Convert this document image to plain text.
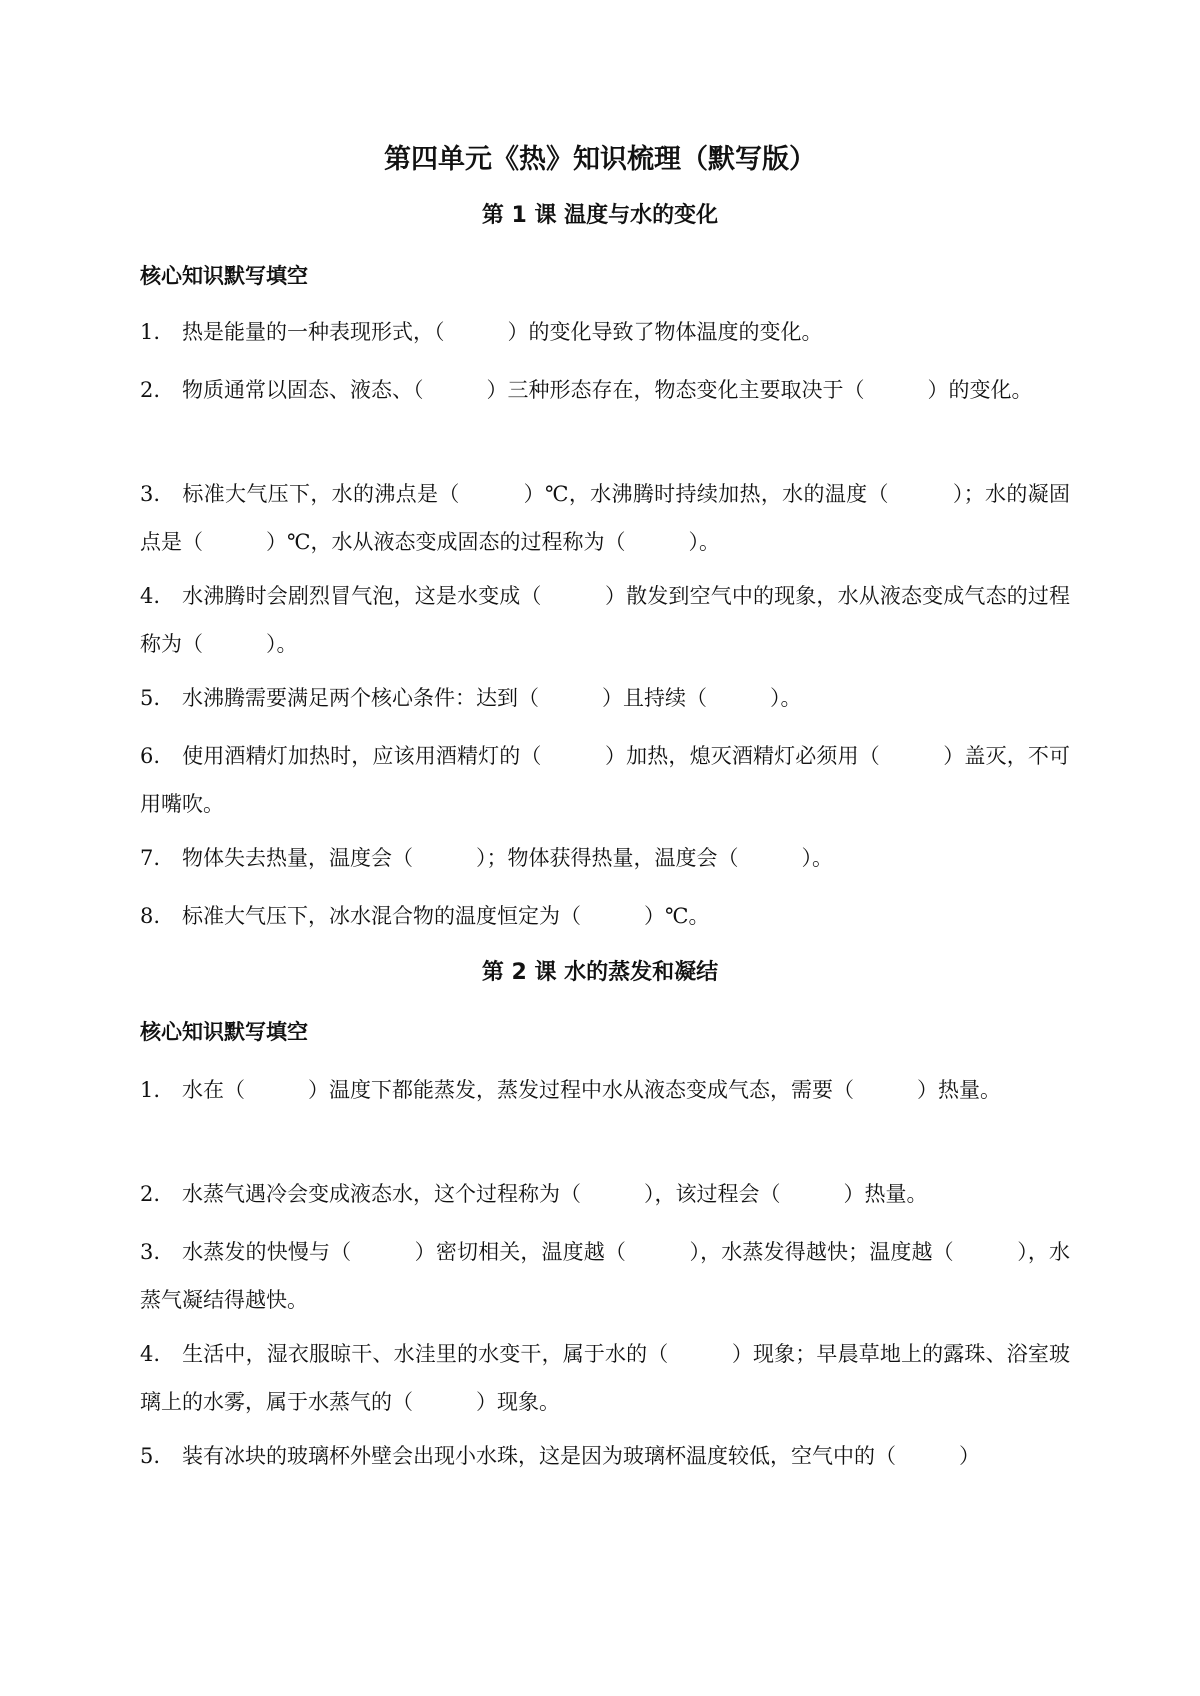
第四单元《热》知识梳理（默写版）
第 1 课 温度与水的变化
核心知识默写填空
1. 热是能量的一种表现形式，（　　　）的变化导致了物体温度的变化。
2. 物质通常以固态、液态、（　　　）三种形态存在，物态变化主要取决于（　　　）的变化。
3. 标准大气压下，水的沸点是（　　　）℃，水沸腾时持续加热，水的温度（　　　）；水的凝固点是（　　　）℃，水从液态变成固态的过程称为（　　　）。
4. 水沸腾时会剧烈冒气泡，这是水变成（　　　）散发到空气中的现象，水从液态变成气态的过程称为（　　　）。
5. 水沸腾需要满足两个核心条件：达到（　　　）且持续（　　　）。
6. 使用酒精灯加热时，应该用酒精灯的（　　　）加热，熄灭酒精灯必须用（　　　）盖灭，不可用嘴吹。
7. 物体失去热量，温度会（　　　）；物体获得热量，温度会（　　　）。
8. 标准大气压下，冰水混合物的温度恒定为（　　　）℃。
第 2 课 水的蒸发和凝结
核心知识默写填空
1. 水在（　　　）温度下都能蒸发，蒸发过程中水从液态变成气态，需要（　　　）热量。
2. 水蒸气遇冷会变成液态水，这个过程称为（　　　），该过程会（　　　）热量。
3. 水蒸发的快慢与（　　　）密切相关，温度越（　　　），水蒸发得越快；温度越（　　　），水蒸气凝结得越快。
4. 生活中，湿衣服晾干、水洼里的水变干，属于水的（　　　）现象；早晨草地上的露珠、浴室玻璃上的水雾，属于水蒸气的（　　　）现象。
5. 装有冰块的玻璃杯外壁会出现小水珠，这是因为玻璃杯温度较低，空气中的（　　　）
